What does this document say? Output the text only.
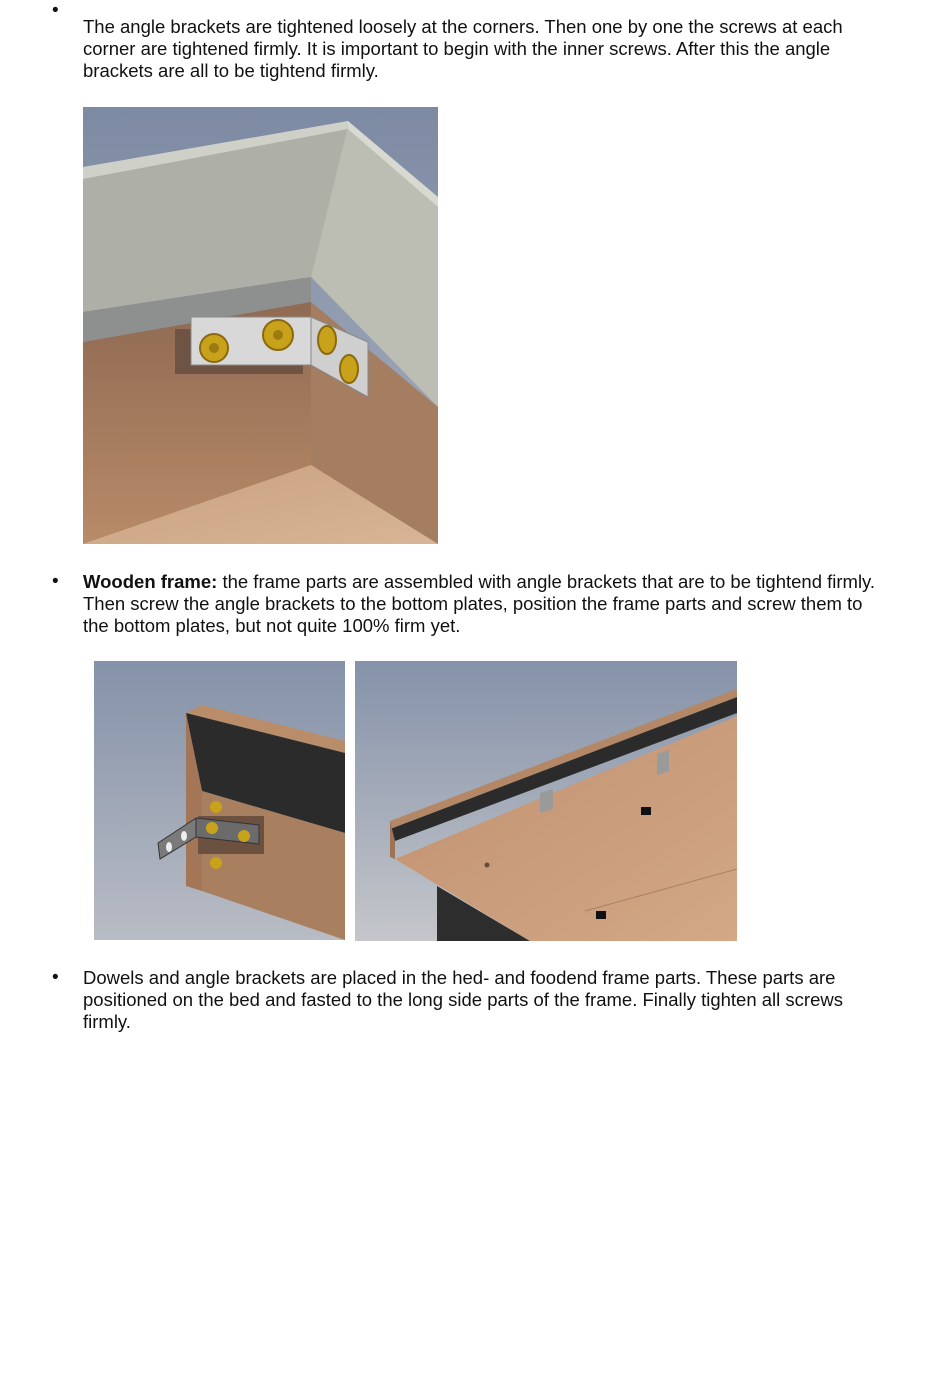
•
The angle brackets are tightened loosely at the corners. Then one by one the screws at each corner are tightened firmly. It is important to begin with the inner screws. After this the angle brackets are all to be tightend firmly.
• Wooden frame: the frame parts are assembled with angle brackets that are to be tightend firmly. Then screw the angle brackets to the bottom plates, position the frame parts and screw them to the bottom plates, but not quite 100% firm yet.
• Dowels and angle brackets are placed in the hed- and foodend frame parts. These parts are positioned on the bed and fasted to the long side parts of the frame. Finally tighten all screws firmly.
